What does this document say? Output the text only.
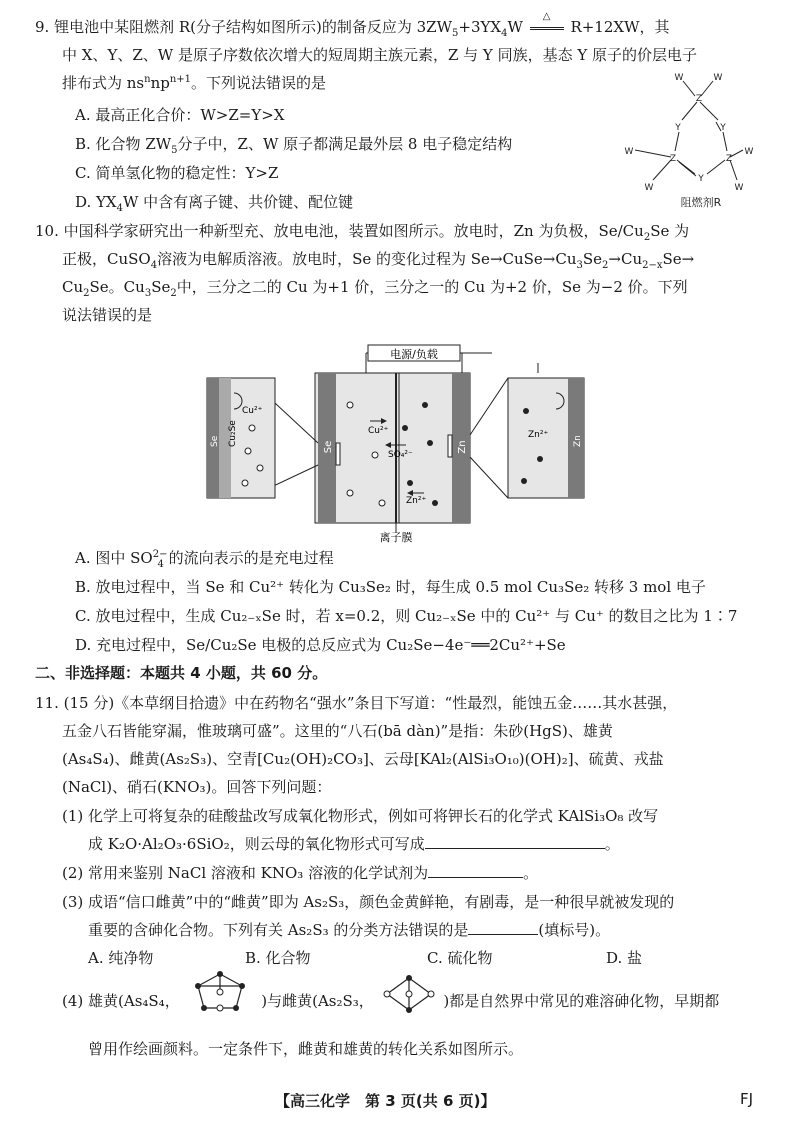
9. 锂电池中某阻燃剂 R(分子结构如图所示)的制备反应为 $3ZW_5+3YX_4W$
△
R+12XW，其
中 X、Y、Z、W 是原子序数依次增大的短周期主族元素，Z 与 Y 同族，基态 Y 原子的价层电子
排布式为 $ns^nnp^{n+1}$。下列说法错误的是
A. 最高正化合价：W>Z=Y>X
B. 化合物 $ZW_5$分子中，Z、W 原子都满足最外层 8 电子稳定结构
C. 简单氢化物的稳定性：Y>Z
D. $YX_4W$ 中含有离子键、共价键、配位键
W
Z
Y
W
Z	Z
W
W
Y
Y
W
W
阻燃剂R
10. 中国科学家研究出一种新型充、放电电池，装置如图所示。放电时，Zn 为负极，$Se/Cu_2Se$ 为
正极，CuSO$_4$溶液为电解质溶液。放电时，Se 的变化过程为 $Se\to CuSe\to Cu_3Se_2\to Cu_{2-x}Se\to$
$Cu_2Se$。$Cu_3Se_2$中，三分之二的 Cu 为+1 价，三分之一的 Cu 为+2 价，Se 为−2 价。下列
说法错误的是
电源/负载
Se	Zn
离子膜
Cu²⁺
SO₄²⁻
Zn²⁺
Se Cu₂Se
Cu²⁺
Zn
Zn²⁺
A. 图中 $SO^{2-}_4$ 的流向表示的是充电过程
B. 放电过程中，当 Se 和 Cu²⁺ 转化为 Cu₃Se₂ 时，每生成 0.5 mol Cu₃Se₂ 转移 3 mol 电子
C. 放电过程中，生成 Cu₂₋ₓSe 时，若 x=0.2，则 Cu₂₋ₓSe 中的 Cu²⁺ 与 Cu⁺ 的数目之比为 1∶7
D. 充电过程中，Se/Cu₂Se 电极的总反应式为 Cu₂Se−4e⁻══2Cu²⁺+Se
二、非选择题：本题共 4 小题，共 60 分。
11. (15 分)《本草纲目拾遗》中在药物名“强水”条目下写道：“性最烈，能蚀五金……其水甚强，
五金八石皆能穿漏，惟玻璃可盛”。这里的“八石(bā dàn)”是指：朱砂(HgS)、雄黄
(As₄S₄)、雌黄(As₂S₃)、空青[Cu₂(OH)₂CO₃]、云母[KAl₂(AlSi₃O₁₀)(OH)₂]、硫黄、戎盐
(NaCl)、硝石(KNO₃)。回答下列问题：
(1) 化学上可将复杂的硅酸盐改写成氧化物形式，例如可将钾长石的化学式 KAlSi₃O₈ 改写
成 K₂O·Al₂O₃·6SiO₂，则云母的氧化物形式可写成	。
(2) 常用来鉴别 NaCl 溶液和 KNO₃ 溶液的化学试剂为	。
(3) 成语“信口雌黄”中的“雌黄”即为 As₂S₃，颜色金黄鲜艳，有剧毒，是一种很早就被发现的
重要的含砷化合物。下列有关 As₂S₃ 的分类方法错误的是	(填标号)。
A. 纯净物	B. 化合物	C. 硫化物	D. 盐
(4) 雄黄(As₄S₄，	)与雌黄(As₂S₃，	)都是自然界中常见的难溶砷化物，早期都
曾用作绘画颜料。一定条件下，雌黄和雄黄的转化关系如图所示。
【高三化学　第 3 页(共 6 页)】	FJ
